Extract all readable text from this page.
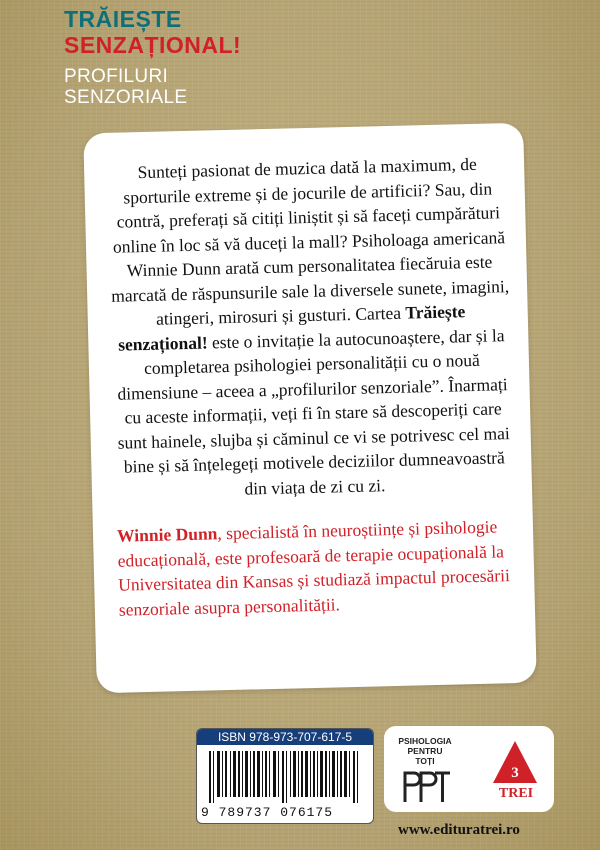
TRĂIEȘTE
SENZAȚIONAL!
PROFILURI
SENZORIALE

Sunteți pasionat de muzica dată la maximum, de sporturile extreme și de jocurile de artificii? Sau, din contră, preferați să citiți liniștit și să faceți cumpărături online în loc să vă duceți la mall? Psiholoaga americană Winnie Dunn arată cum personalitatea fiecăruia este marcată de răspunsurile sale la diversele sunete, imagini, atingeri, mirosuri și gusturi. Cartea Trăiește senzațional! este o invitație la autocunoaștere, dar și la completarea psihologiei personalității cu o nouă dimensiune – aceea a „profilurilor senzoriale”. Înarmați cu aceste informații, veți fi în stare să descoperiți care sunt hainele, slujba și căminul ce vi se potrivesc cel mai bine și să înțelegeți motivele deciziilor dumneavoastră din viața de zi cu zi.

Winnie Dunn, specialistă în neuroștiințe și psihologie educațională, este profesoară de terapie ocupațională la Universitatea din Kansas și studiază impactul procesării senzoriale asupra personalității.

ISBN 978-973-707-617-5
9 789737 076175
PSIHOLOGIA
PENTRU
TOȚI
3
TREI
www.edituratrei.ro
